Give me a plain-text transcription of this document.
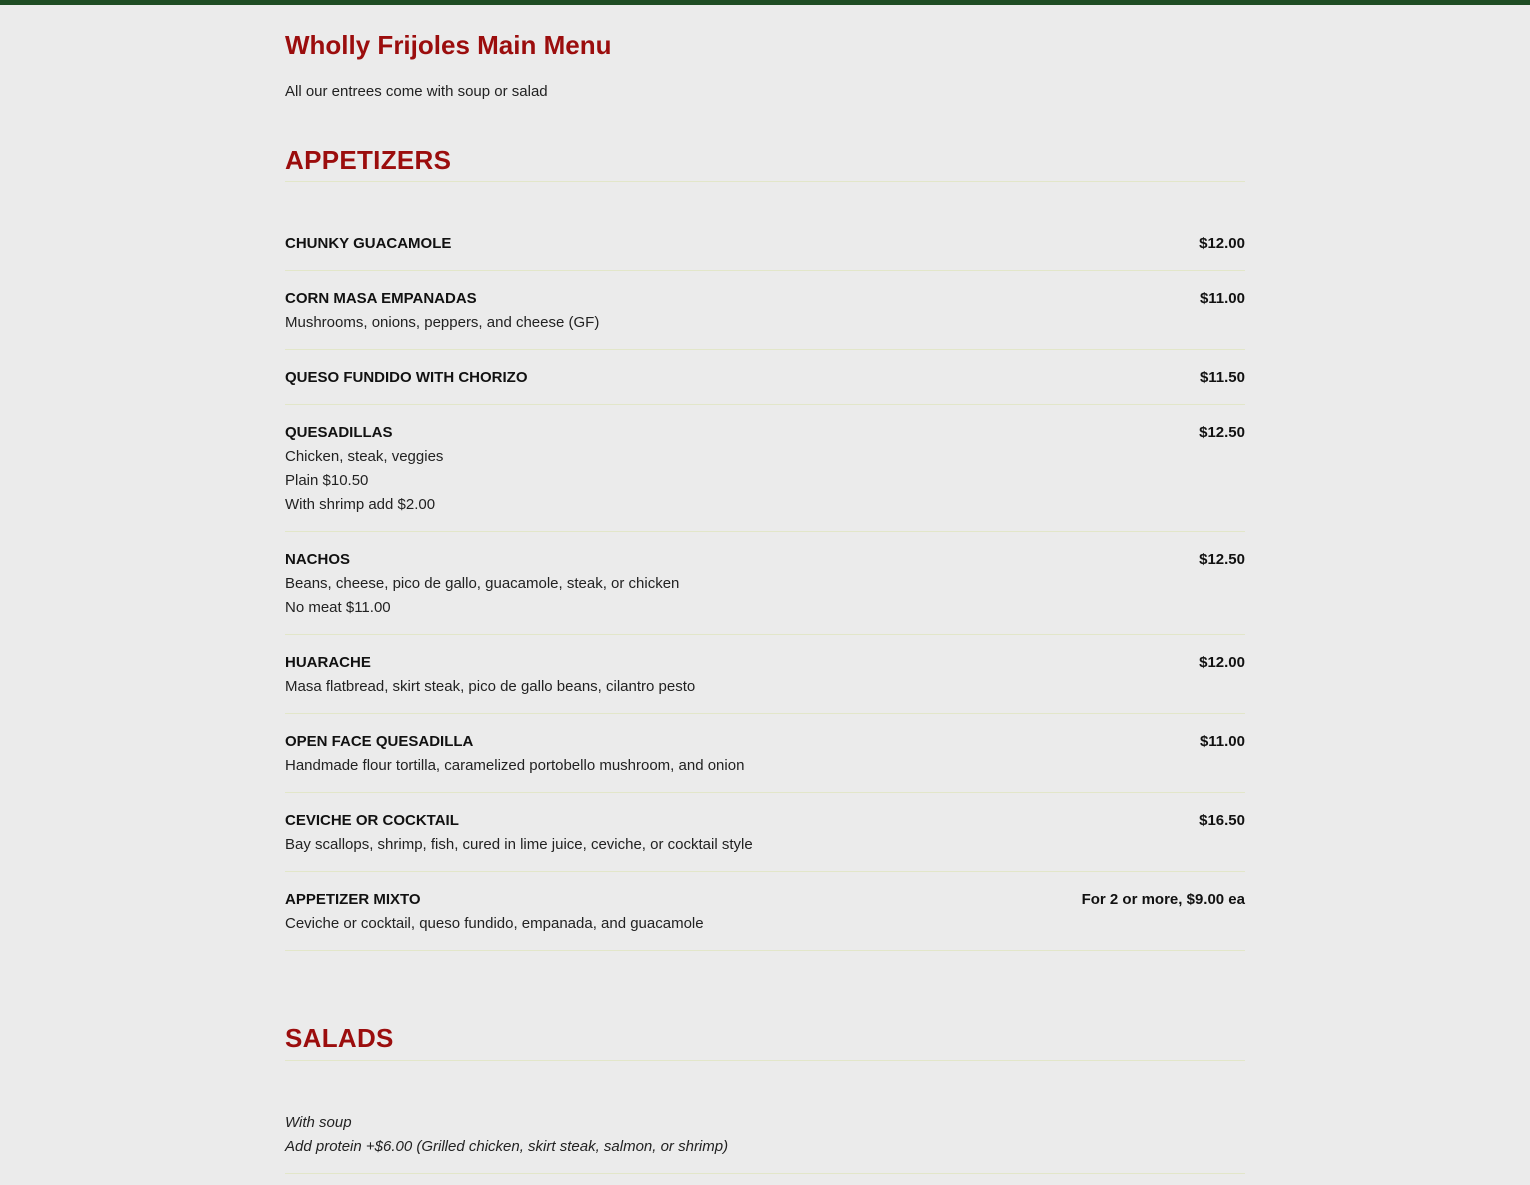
Wholly Frijoles Main Menu

All our entrees come with soup or salad

APPETIZERS
CHUNKY GUACAMOLE	$12.00
CORN MASA EMPANADAS	$11.00
Mushrooms, onions, peppers, and cheese (GF)
QUESO FUNDIDO WITH CHORIZO	$11.50
QUESADILLAS	$12.50
Chicken, steak, veggies
Plain $10.50
With shrimp add $2.00
NACHOS	$12.50
Beans, cheese, pico de gallo, guacamole, steak, or chicken
No meat $11.00
HUARACHE	$12.00
Masa flatbread, skirt steak, pico de gallo beans, cilantro pesto
OPEN FACE QUESADILLA	$11.00
Handmade flour tortilla, caramelized portobello mushroom, and onion
CEVICHE OR COCKTAIL	$16.50
Bay scallops, shrimp, fish, cured in lime juice, ceviche, or cocktail style
APPETIZER MIXTO	For 2 or more, $9.00 ea
Ceviche or cocktail, queso fundido, empanada, and guacamole
SALADS
With soup
Add protein +$6.00 (Grilled chicken, skirt steak, salmon, or shrimp)
